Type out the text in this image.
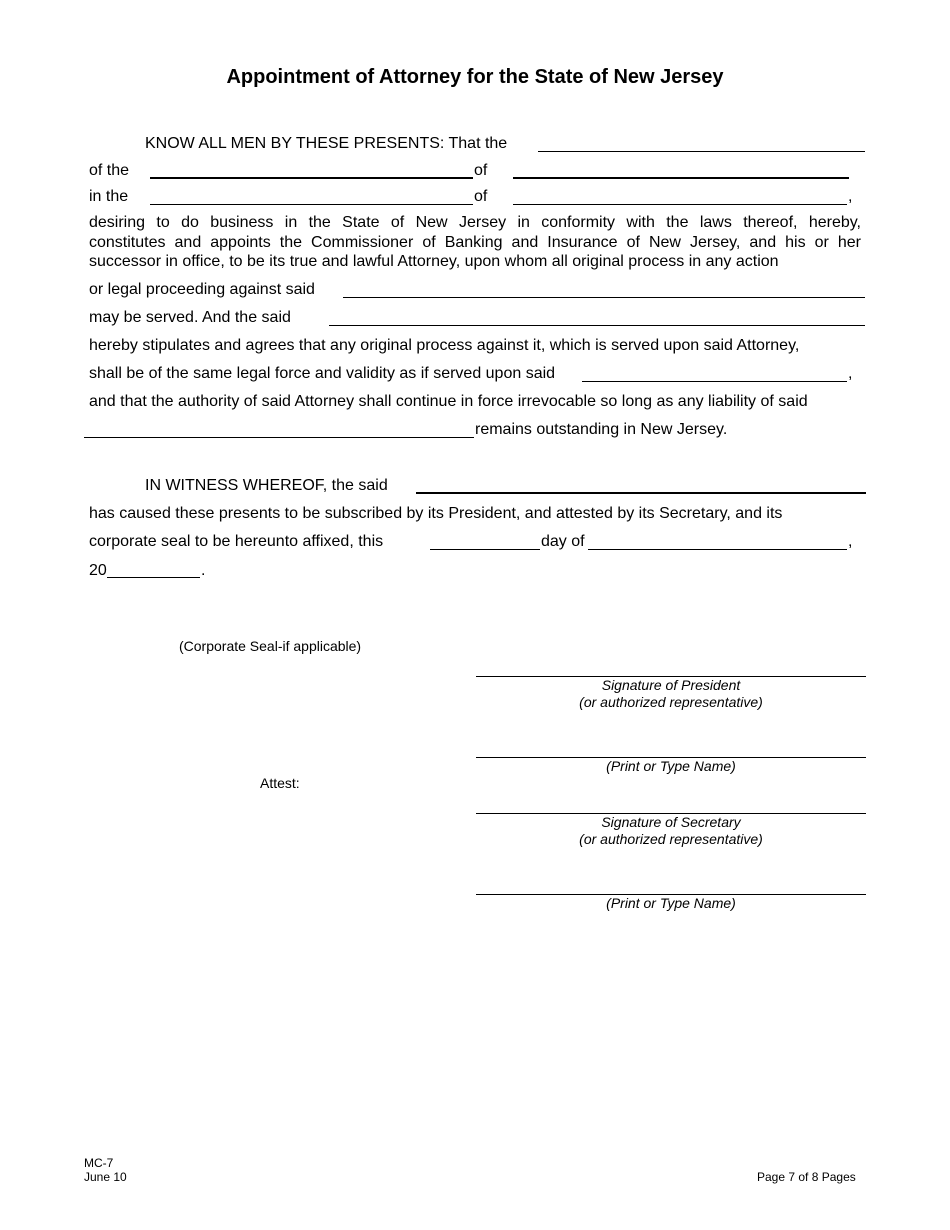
Appointment of Attorney for the State of New Jersey
KNOW ALL MEN BY THESE PRESENTS: That the
of the	of
in the	of	,
desiring to do business in the State of New Jersey in conformity with the laws thereof, hereby,
constitutes and appoints the Commissioner of Banking and Insurance of New Jersey, and his or her
successor in office, to be its true and lawful Attorney, upon whom all original process in any action
or legal proceeding against said
may be served. And the said
hereby stipulates and agrees that any original process against it, which is served upon said Attorney,
shall be of the same legal force and validity as if served upon said	,
and that the authority of said Attorney shall continue in force irrevocable so long as any liability of said
remains outstanding in New Jersey.
IN WITNESS WHEREOF, the said
has caused these presents to be subscribed by its President, and attested by its Secretary, and its
corporate seal to be hereunto affixed, this	day of	,
20	.
(Corporate Seal-if applicable)
Attest:
Signature of President
(or authorized representative)
(Print or Type Name)
Signature of Secretary
(or authorized representative)
(Print or Type Name)
MC-7
June 10	Page 7 of 8 Pages
